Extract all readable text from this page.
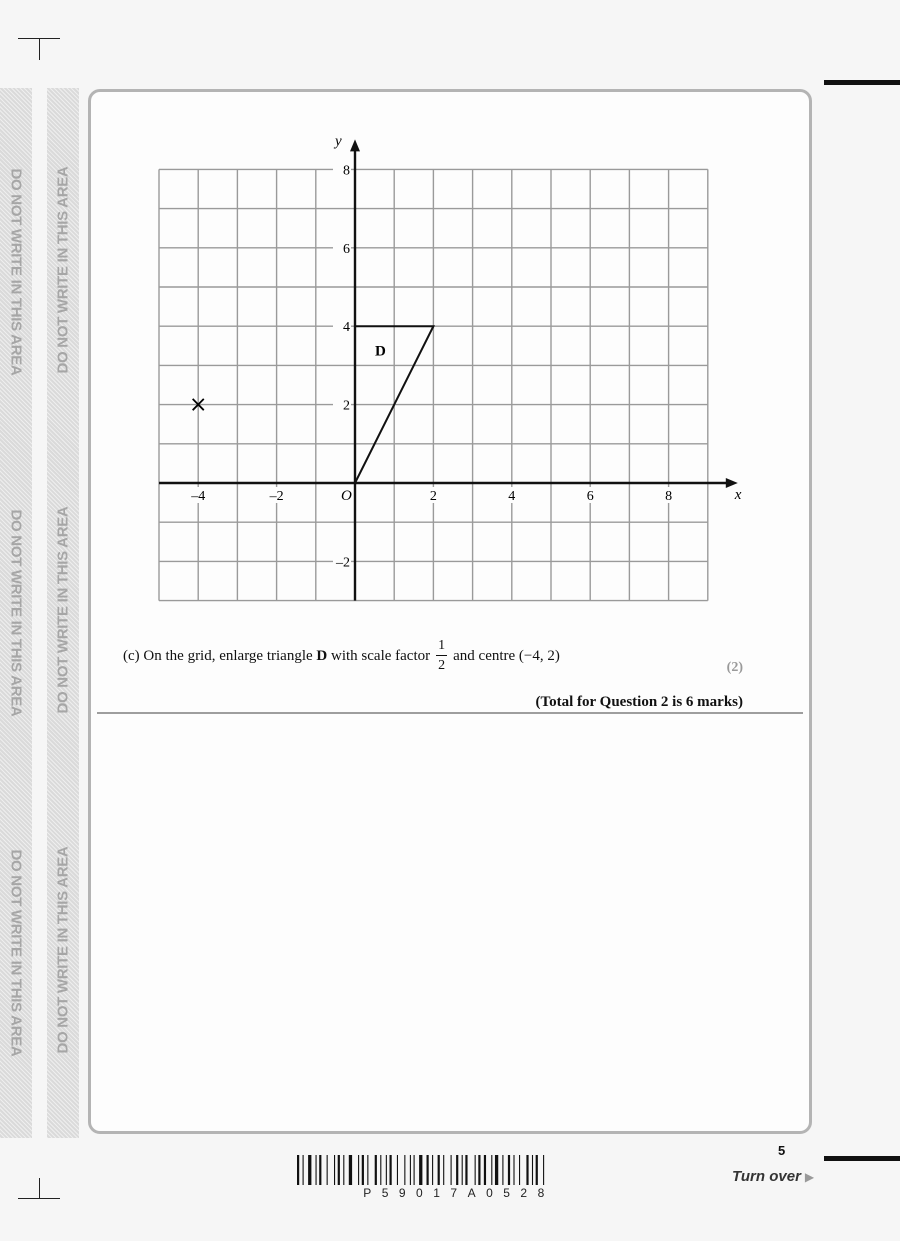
DO NOT WRITE IN THIS AREA
DO NOT WRITE IN THIS AREA
DO NOT WRITE IN THIS AREA
DO NOT WRITE IN THIS AREA
DO NOT WRITE IN THIS AREA
DO NOT WRITE IN THIS AREA
x
y
O
–4	–2	2	4	6	8
8
6
4
2
–2
D
×
(c)
On the grid, enlarge triangle
D
with scale factor $\frac{1}{2}$ and centre (−4, 2)
(2)
(Total for Question 2 is 6 marks)
5
Turn over ▶
P59017A0528
